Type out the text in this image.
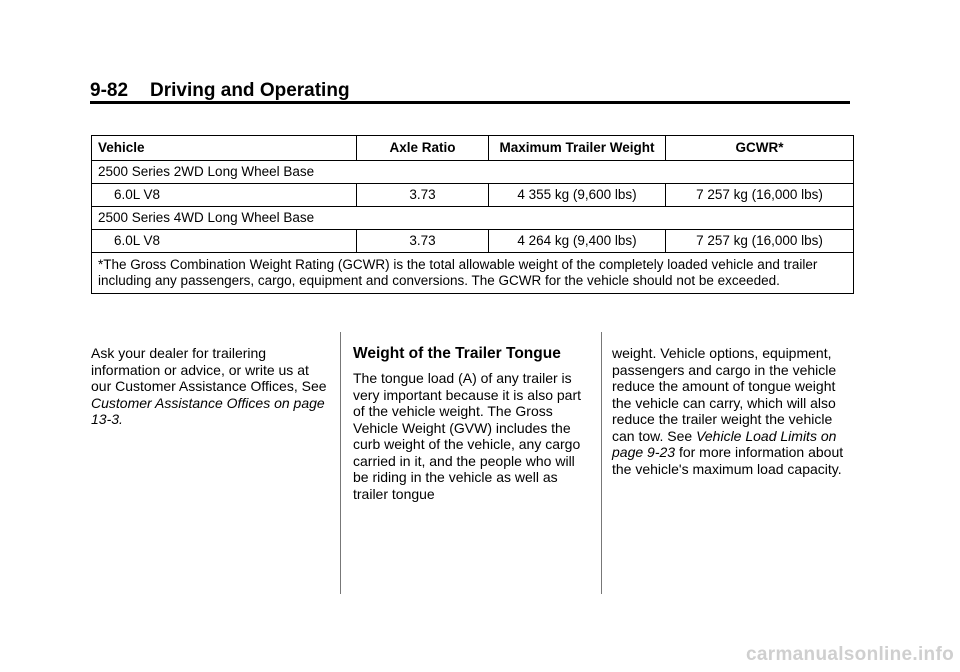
9-82 Driving and Operating
Vehicle	Axle Ratio	Maximum Trailer Weight	GCWR*
2500 Series 2WD Long Wheel Base			
6.0L V8	3.73	4 355 kg (9,600 lbs)	7 257 kg (16,000 lbs)
2500 Series 4WD Long Wheel Base			
6.0L V8	3.73	4 264 kg (9,400 lbs)	7 257 kg (16,000 lbs)
*The Gross Combination Weight Rating (GCWR) is the total allowable weight of the completely loaded vehicle and trailer including any passengers, cargo, equipment and conversions. The GCWR for the vehicle should not be exceeded.			

Ask your dealer for trailering information or advice, or write us at our Customer Assistance Offices, See Customer Assistance Offices on page 13-3.

Weight of the Trailer Tongue

The tongue load (A) of any trailer is very important because it is also part of the vehicle weight. The Gross Vehicle Weight (GVW) includes the curb weight of the vehicle, any cargo carried in it, and the people who will be riding in the vehicle as well as trailer tongue

weight. Vehicle options, equipment, passengers and cargo in the vehicle reduce the amount of tongue weight the vehicle can carry, which will also reduce the trailer weight the vehicle can tow. See Vehicle Load Limits on page 9-23 for more information about the vehicle's maximum load capacity.

carmanualsonline.info
